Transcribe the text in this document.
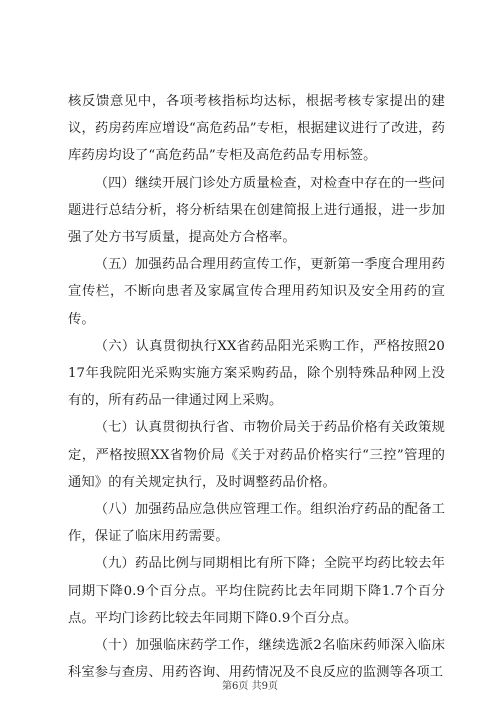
核反馈意见中，各项考核指标均达标，根据考核专家提出的建议，药房药库应增设“高危药品”专柜，根据建议进行了改进，药库药房均设了“高危药品”专柜及高危药品专用标签。

（四）继续开展门诊处方质量检查，对检查中存在的一些问题进行总结分析，将分析结果在创建简报上进行通报，进一步加强了处方书写质量，提高处方合格率。

（五）加强药品合理用药宣传工作，更新第一季度合理用药宣传栏，不断向患者及家属宣传合理用药知识及安全用药的宣传。

（六）认真贯彻执行XX省药品阳光采购工作，严格按照2017年我院阳光采购实施方案采购药品，除个别特殊品种网上没有的，所有药品一律通过网上采购。

（七）认真贯彻执行省、市物价局关于药品价格有关政策规定，严格按照XX省物价局《关于对药品价格实行“三控”管理的通知》的有关规定执行，及时调整药品价格。

（八）加强药品应急供应管理工作。组织治疗药品的配备工作，保证了临床用药需要。

（九）药品比例与同期相比有所下降；全院平均药比较去年同期下降0.9个百分点。平均住院药比去年同期下降1.7个百分点。平均门诊药比较去年同期下降0.9个百分点。

（十）加强临床药学工作，继续选派2名临床药师深入临床科室参与查房、用药咨询、用药情况及不良反应的监测等各项工

第6页 共9页
